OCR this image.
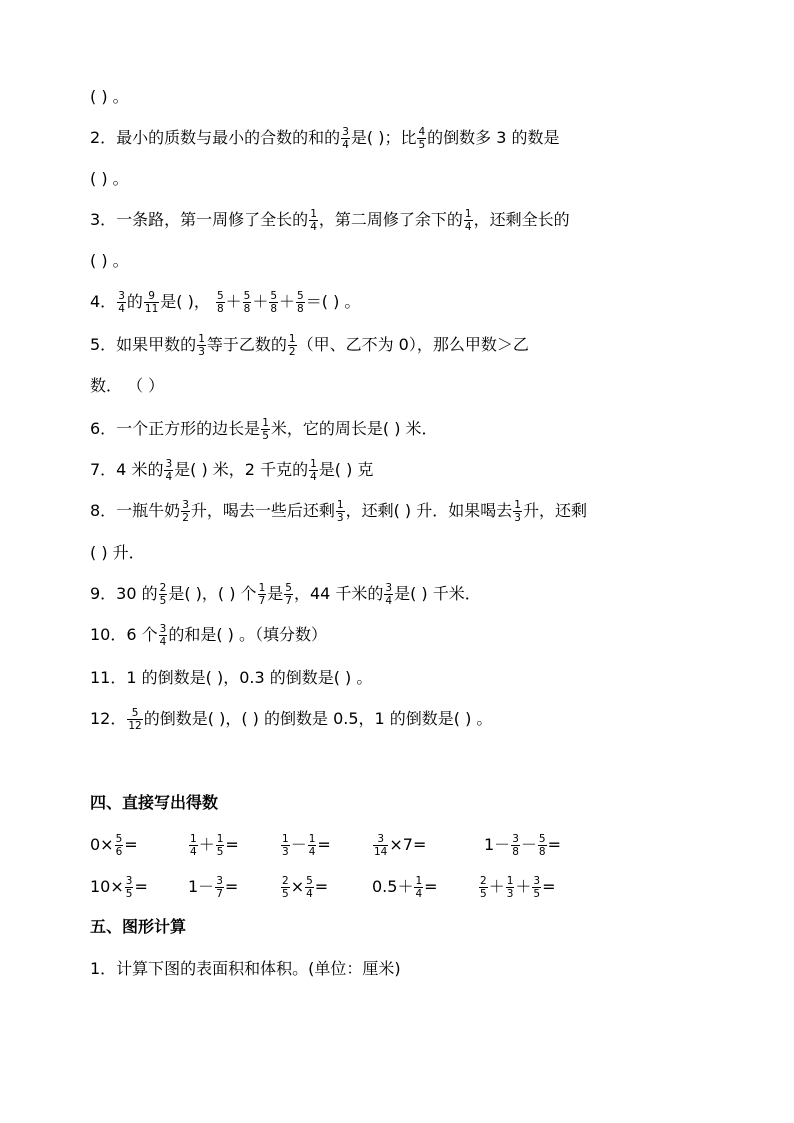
( ) 。
2．最小的质数与最小的合数的和的 $\frac{3}{4}$ 是( )；比 $\frac{4}{5}$ 的倒数多 3 的数是
( ) 。
3．一条路，第一周修了全长的 $\frac{1}{4}$ ，第二周修了余下的 $\frac{1}{4}$ ，还剩全长的
( ) 。
4． $\frac{3}{4}$ 的 $\frac{9}{11}$ 是( )， $\frac{5}{8} + \frac{5}{8} + \frac{5}{8} + \frac{5}{8}$ ＝( ) 。
5．如果甲数的 $\frac{1}{3}$ 等于乙数的 $\frac{1}{2}$ （甲、乙不为 0），那么甲数＞乙
数． （ ）
6．一个正方形的边长是 $\frac{1}{5}$ 米，它的周长是( ) 米．
7．4 米的 $\frac{3}{4}$ 是( ) 米，2 千克的 $\frac{1}{4}$ 是( ) 克
8．一瓶牛奶 $\frac{3}{2}$ 升，喝去一些后还剩 $\frac{1}{3}$ ，还剩( ) 升．如果喝去 $\frac{1}{3}$ 升，还剩
( ) 升．
9．30 的 $\frac{2}{5}$ 是( )，( ) 个 $\frac{1}{7}$ 是 $\frac{5}{7}$ ，44 千米的 $\frac{3}{4}$ 是( ) 千米．
10．6 个 $\frac{3}{4}$ 的和是( ) 。（填分数）
11．1 的倒数是( )，0.3 的倒数是( ) 。
12． $\frac{5}{12}$ 的倒数是( )，( ) 的倒数是 0.5，1 的倒数是( ) 。
四、直接写出得数
$0\times \frac{5}{6}$ =	$\frac{1}{4} + \frac{1}{5}$ =	$\frac{1}{3} - \frac{1}{4}$ =	$\frac{3}{14} \times 7=$	$1- \frac{3}{8} - \frac{5}{8}$ =
$10\times \frac{3}{5}$ =	$1- \frac{3}{7}$ =	$\frac{2}{5} \times \frac{5}{4}$ =	$0.5+ \frac{1}{4}$ =	$\frac{2}{5} + \frac{1}{3} + \frac{3}{5}$ =
五、图形计算
1．计算下图的表面积和体积。(单位：厘米)
